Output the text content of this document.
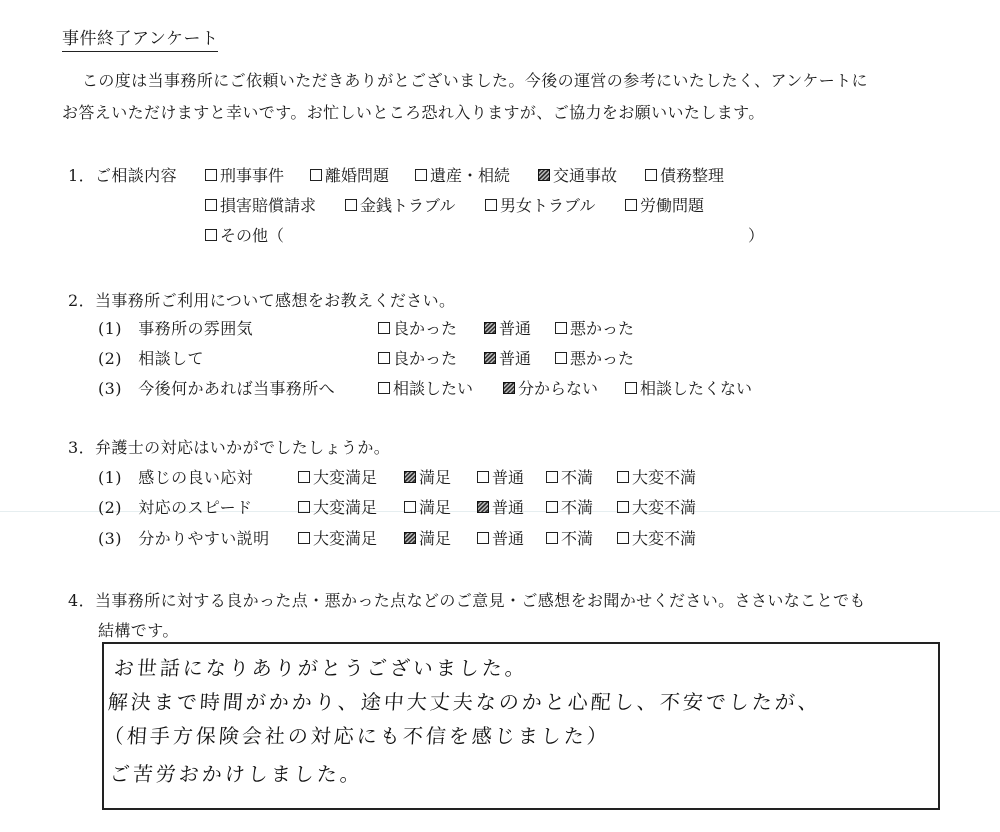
事件終了アンケート
この度は当事務所にご依頼いただきありがとございました。今後の運営の参考にいたしたく、アンケートに
お答えいただけますと幸いです。お忙しいところ恐れ入りますが、ご協力をお願いいたします。
1．ご相談内容	刑事事件	離婚問題	遺産・相続	交通事故	債務整理
損害賠償請求	金銭トラブル	男女トラブル	労働問題
その他（	）
2．当事務所ご利用について感想をお教えください。
(1)　事務所の雰囲気	良かった	普通 悪かった
(2)　相談して	良かった	普通 悪かった
(3)　今後何かあれば当事務所へ	相談したい	分からない	相談したくない
3．弁護士の対応はいかがでしたしょうか。
(1)　感じの良い応対	大変満足	満足	普通 不満 大変不満
(2)　対応のスピード	大変満足	満足	普通 不満 大変不満
(3)　分かりやすい説明	大変満足	満足	普通 不満 大変不満
4．当事務所に対する良かった点・悪かった点などのご意見・ご感想をお聞かせください。ささいなことでも
結構です。
お世話になりありがとうございました。
解決まで時間がかかり、途中大丈夫なのかと心配し、不安でしたが、
（相手方保険会社の対応にも不信を感じました）
ご苦労おかけしました。
